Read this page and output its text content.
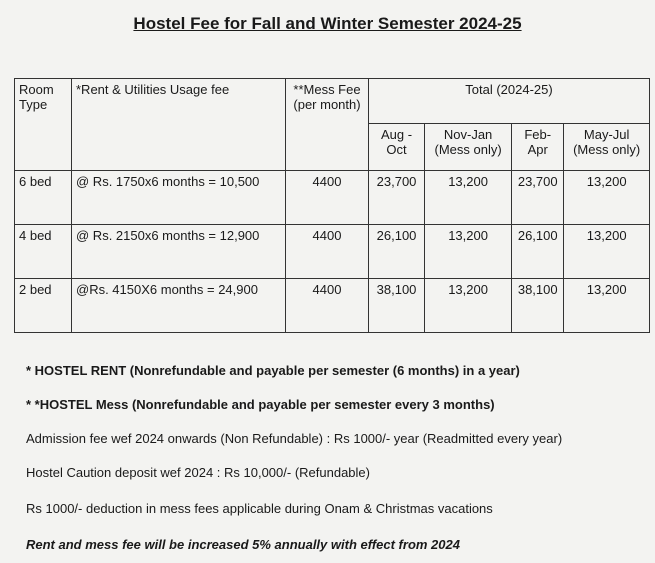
Hostel Fee for Fall and Winter Semester 2024-25
Room Type	*Rent & Utilities Usage fee	**Mess Fee (per month)	Total (2024-25)			
			Aug - Oct	Nov-Jan (Mess only)	Feb-Apr	May-Jul (Mess only)
6 bed	@ Rs. 1750x6 months = 10,500	4400	23,700	13,200	23,700	13,200
4 bed	@ Rs. 2150x6 months = 12,900	4400	26,100	13,200	26,100	13,200
2 bed	@Rs. 4150X6 months = 24,900	4400	38,100	13,200	38,100	13,200
* HOSTEL RENT (Nonrefundable and payable per semester (6 months) in a year)
* *HOSTEL Mess (Nonrefundable and payable per semester every 3 months)
Admission fee wef 2024 onwards (Non Refundable) : Rs 1000/- year (Readmitted every year)
Hostel Caution deposit wef 2024 : Rs 10,000/- (Refundable)
Rs 1000/- deduction in mess fees applicable during Onam & Christmas vacations
Rent and mess fee will be increased 5% annually with effect from 2024
